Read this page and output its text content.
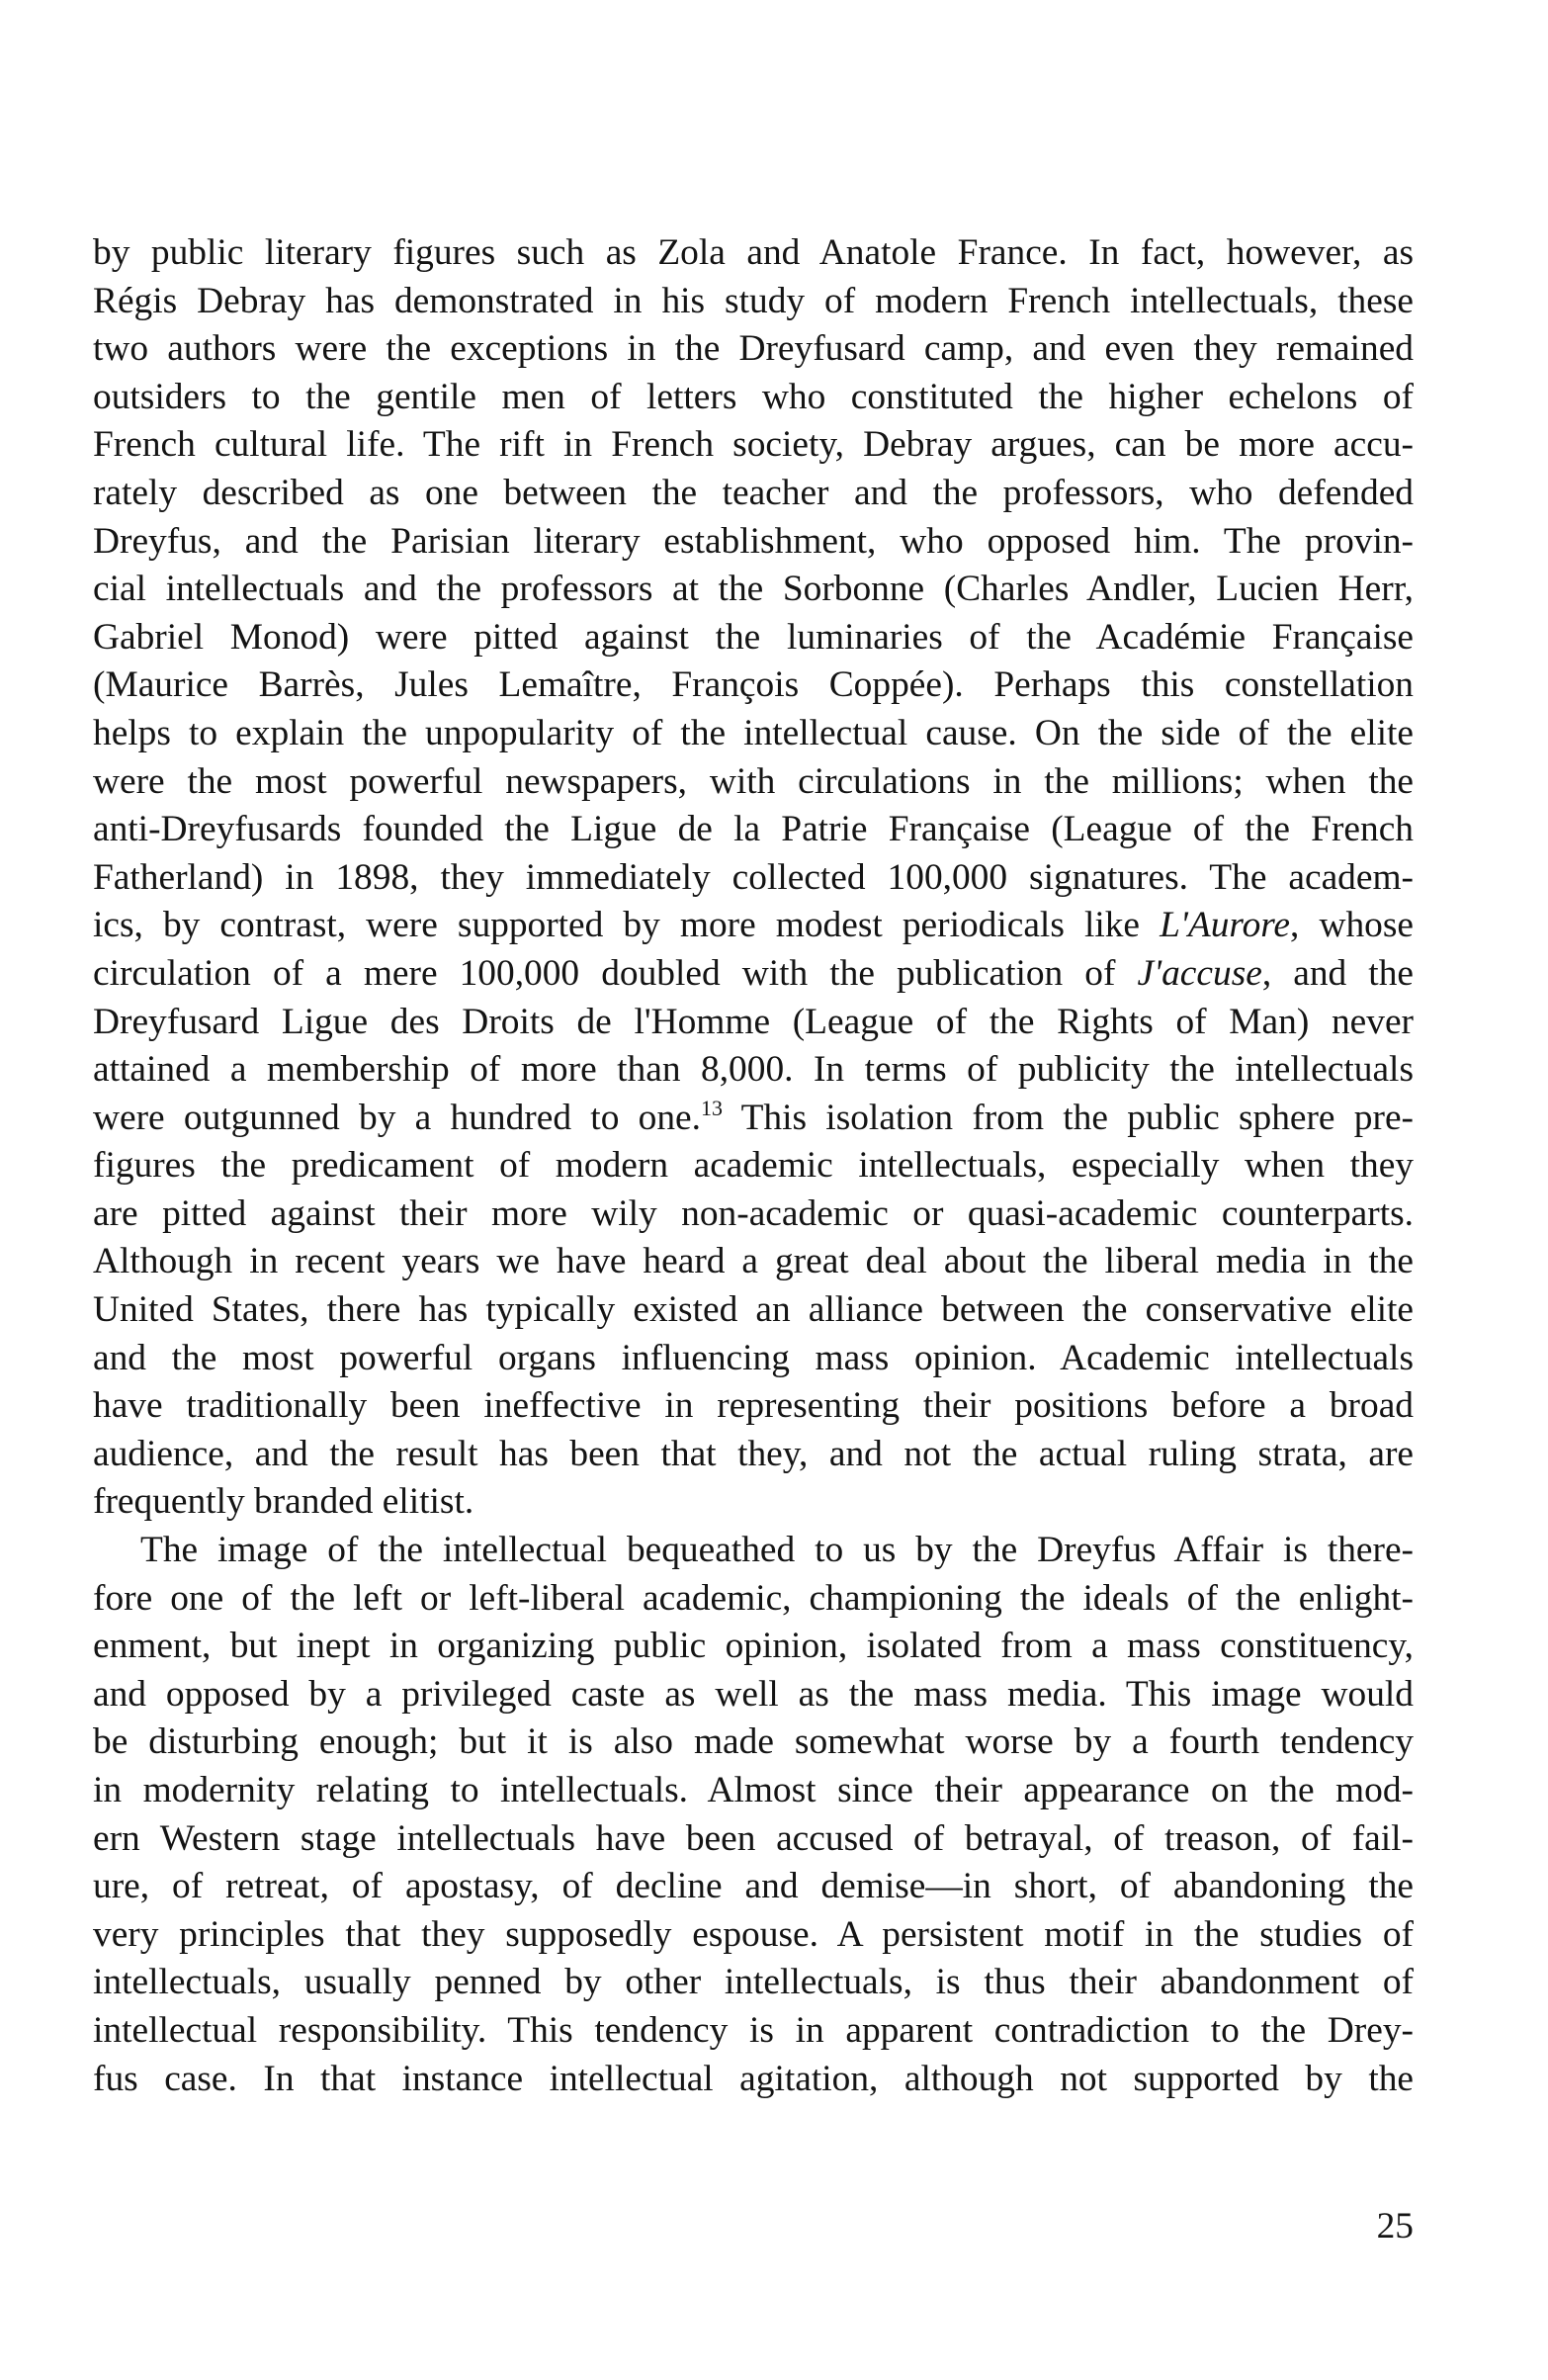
by public literary figures such as Zola and Anatole France. In fact, however, as
Régis Debray has demonstrated in his study of modern French intellectuals, these
two authors were the exceptions in the Dreyfusard camp, and even they remained
outsiders to the gentile men of letters who constituted the higher echelons of
French cultural life. The rift in French society, Debray argues, can be more accu-
rately described as one between the teacher and the professors, who defended
Dreyfus, and the Parisian literary establishment, who opposed him. The provin-
cial intellectuals and the professors at the Sorbonne (Charles Andler, Lucien Herr,
Gabriel Monod) were pitted against the luminaries of the Académie Française
(Maurice Barrès, Jules Lemaître, François Coppée). Perhaps this constellation
helps to explain the unpopularity of the intellectual cause. On the side of the elite
were the most powerful newspapers, with circulations in the millions; when the
anti-Dreyfusards founded the Ligue de la Patrie Française (League of the French
Fatherland) in 1898, they immediately collected 100,000 signatures. The academ-
ics, by contrast, were supported by more modest periodicals like L'Aurore, whose
circulation of a mere 100,000 doubled with the publication of J'accuse, and the
Dreyfusard Ligue des Droits de l'Homme (League of the Rights of Man) never
attained a membership of more than 8,000. In terms of publicity the intellectuals
were outgunned by a hundred to one.$^{13}$ This isolation from the public sphere pre-
figures the predicament of modern academic intellectuals, especially when they
are pitted against their more wily non-academic or quasi-academic counterparts.
Although in recent years we have heard a great deal about the liberal media in the
United States, there has typically existed an alliance between the conservative elite
and the most powerful organs influencing mass opinion. Academic intellectuals
have traditionally been ineffective in representing their positions before a broad
audience, and the result has been that they, and not the actual ruling strata, are
frequently branded elitist.

The image of the intellectual bequeathed to us by the Dreyfus Affair is there-
fore one of the left or left-liberal academic, championing the ideals of the enlight-
enment, but inept in organizing public opinion, isolated from a mass constituency,
and opposed by a privileged caste as well as the mass media. This image would
be disturbing enough; but it is also made somewhat worse by a fourth tendency
in modernity relating to intellectuals. Almost since their appearance on the mod-
ern Western stage intellectuals have been accused of betrayal, of treason, of fail-
ure, of retreat, of apostasy, of decline and demise—in short, of abandoning the
very principles that they supposedly espouse. A persistent motif in the studies of
intellectuals, usually penned by other intellectuals, is thus their abandonment of
intellectual responsibility. This tendency is in apparent contradiction to the Drey-
fus case. In that instance intellectual agitation, although not supported by the

25
